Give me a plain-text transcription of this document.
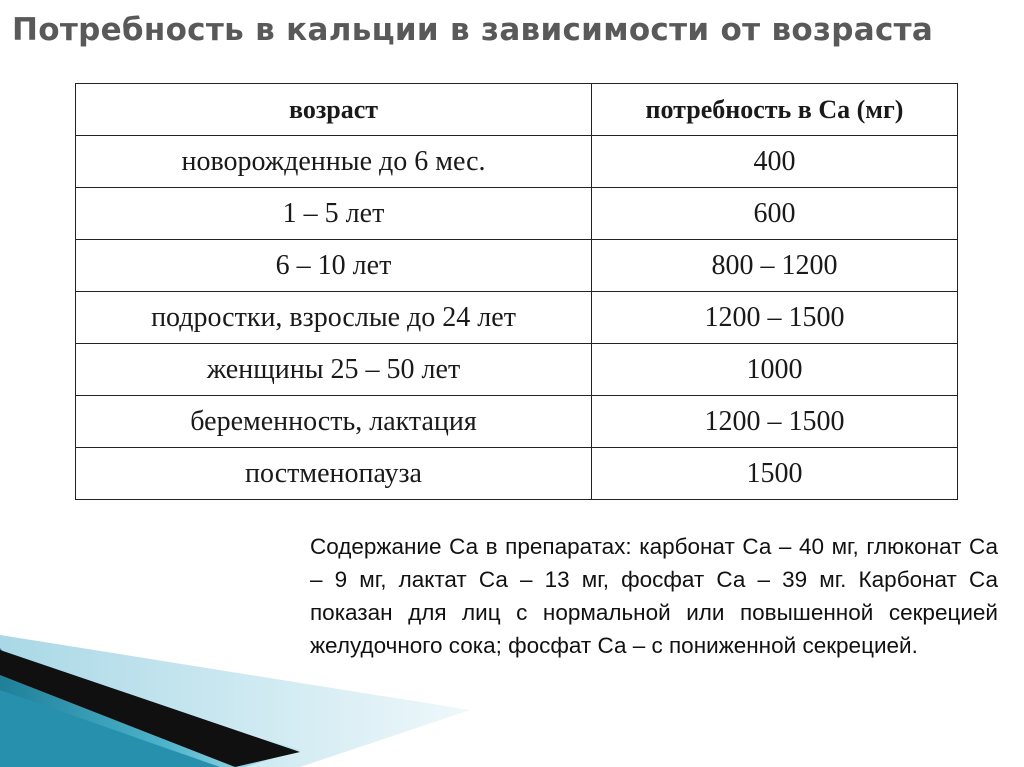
Потребность в кальции в зависимости от возраста
возраст	потребность в Са (мг)
новорожденные до 6 мес.	400
1 – 5 лет	600
6 – 10 лет	800 – 1200
подростки, взрослые до 24 лет	1200 – 1500
женщины 25 – 50 лет	1000
беременность, лактация	1200 – 1500
постменопауза	1500
Содержание Са в препаратах: карбонат Са – 40 мг, глюконат Са – 9 мг, лактат Са – 13 мг, фосфат Са – 39 мг. Карбонат Са показан для лиц с нормальной или повышенной секрецией желудочного сока; фосфат Са – с пониженной секрецией.
